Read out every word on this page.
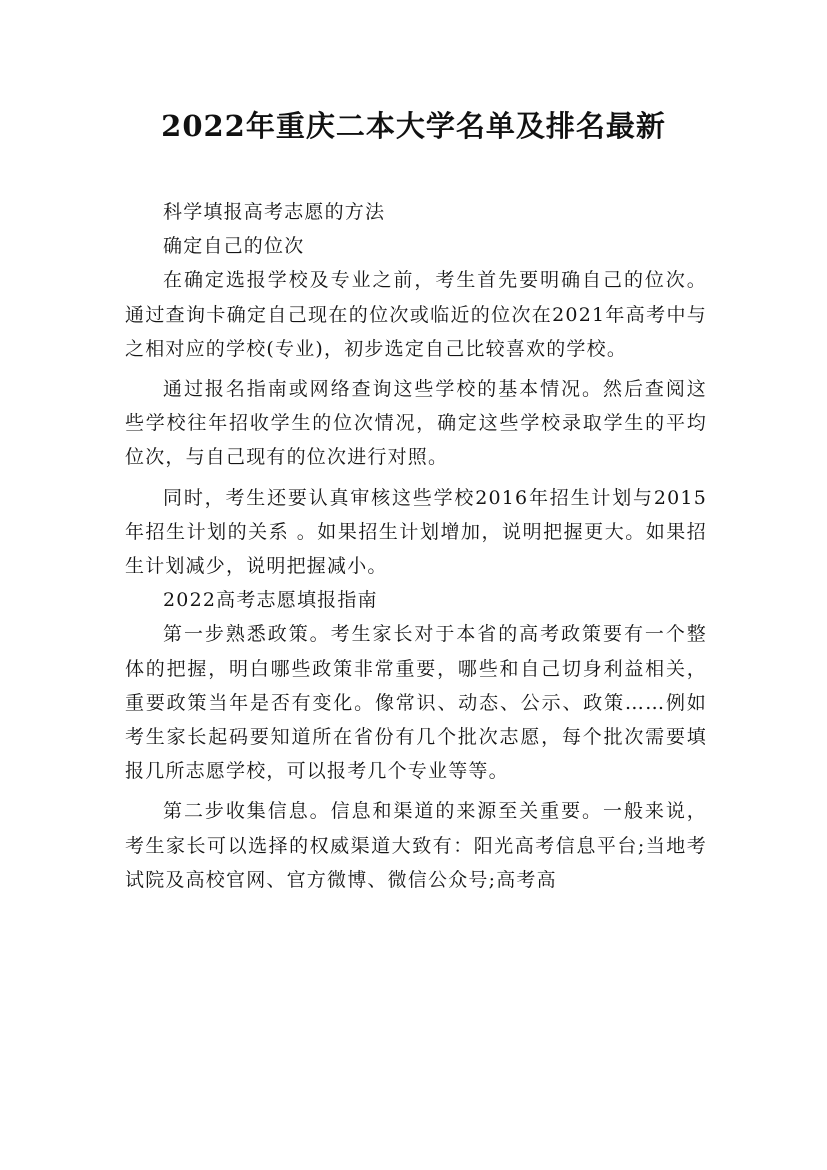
2022年重庆二本大学名单及排名最新

科学填报高考志愿的方法

确定自己的位次

在确定选报学校及专业之前，考生首先要明确自己的位次。通过查询卡确定自己现在的位次或临近的位次在2021年高考中与之相对应的学校(专业)，初步选定自己比较喜欢的学校。

通过报名指南或网络查询这些学校的基本情况。然后查阅这些学校往年招收学生的位次情况，确定这些学校录取学生的平均位次，与自己现有的位次进行对照。

同时，考生还要认真审核这些学校2016年招生计划与2015年招生计划的关系 。如果招生计划增加，说明把握更大。如果招生计划减少，说明把握减小。

2022高考志愿填报指南

第一步熟悉政策。考生家长对于本省的高考政策要有一个整体的把握，明白哪些政策非常重要，哪些和自己切身利益相关，重要政策当年是否有变化。像常识、动态、公示、政策……例如考生家长起码要知道所在省份有几个批次志愿，每个批次需要填报几所志愿学校，可以报考几个专业等等。

第二步收集信息。信息和渠道的来源至关重要。一般来说，考生家长可以选择的权威渠道大致有：阳光高考信息平台;当地考试院及高校官网、官方微博、微信公众号;高考高
